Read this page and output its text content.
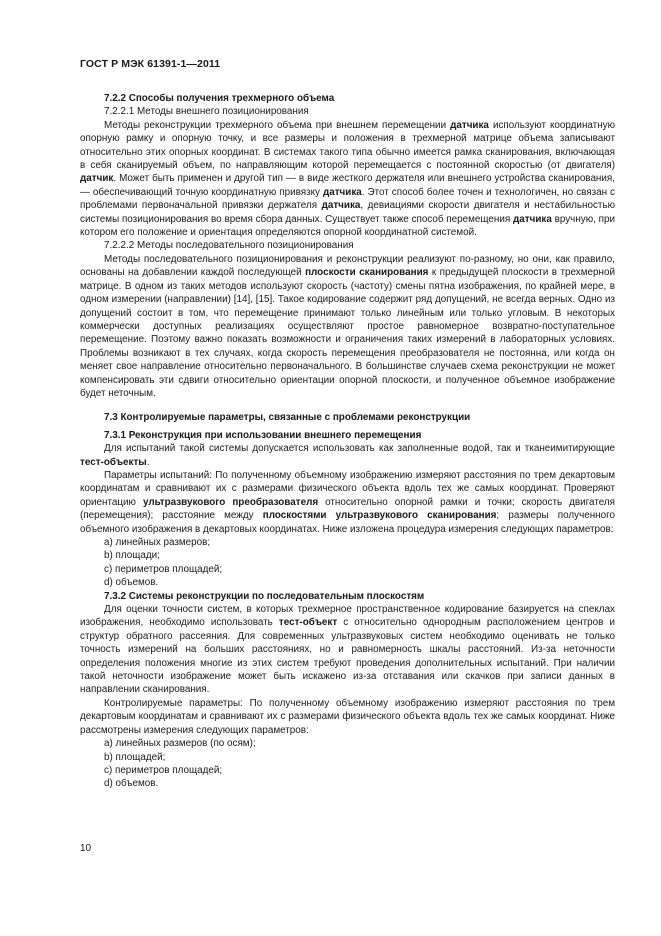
ГОСТ Р МЭК 61391-1—2011

7.2.2 Способы получения трехмерного объема

7.2.2.1 Методы внешнего позиционирования

Методы реконструкции трехмерного объема при внешнем перемещении датчика используют координатную опорную рамку и опорную точку, и все размеры и положения в трехмерной матрице объема записывают относительно этих опорных координат. В системах такого типа обычно имеется рамка сканирования, включающая в себя сканируемый объем, по направляющим которой перемещается с постоянной скоростью (от двигателя) датчик. Может быть применен и другой тип — в виде жесткого держателя или внешнего устройства сканирования, — обеспечивающий точную координатную привязку датчика. Этот способ более точен и технологичен, но связан с проблемами первоначальной привязки держателя датчика, девиациями скорости двигателя и нестабильностью системы позиционирования во время сбора данных. Существует также способ перемещения датчика вручную, при котором его положение и ориентация определяются опорной координатной системой.

7.2.2.2 Методы последовательного позиционирования

Методы последовательного позиционирования и реконструкции реализуют по-разному, но они, как правило, основаны на добавлении каждой последующей плоскости сканирования к предыдущей плоскости в трехмерной матрице. В одном из таких методов используют скорость (частоту) смены пятна изображения, по крайней мере, в одном измерении (направлении) [14], [15]. Такое кодирование содержит ряд допущений, не всегда верных. Одно из допущений состоит в том, что перемещение принимают только линейным или только угловым. В некоторых коммерчески доступных реализациях осуществляют простое равномерное возвратно-поступательное перемещение. Поэтому важно показать возможности и ограничения таких измерений в лабораторных условиях. Проблемы возникают в тех случаях, когда скорость перемещения преобразователя не постоянна, или когда он меняет свое направление относительно первоначального. В большинстве случаев схема реконструкции не может компенсировать эти сдвиги относительно ориентации опорной плоскости, и полученное объемное изображение будет неточным.

7.3 Контролируемые параметры, связанные с проблемами реконструкции

7.3.1 Реконструкция при использовании внешнего перемещения

Для испытаний такой системы допускается использовать как заполненные водой, так и тканеимитирующие тест-объекты.

Параметры испытаний: По полученному объемному изображению измеряют расстояния по трем декартовым координатам и сравнивают их с размерами физического объекта вдоль тех же самых координат. Проверяют ориентацию ультразвукового преобразователя относительно опорной рамки и точки; скорость двигателя (перемещения); расстояние между плоскостями ультразвукового сканирования; размеры полученного объемного изображения в декартовых координатах. Ниже изложена процедура измерения следующих параметров:

a) линейных размеров;

b) площади;

c) периметров площадей;

d) объемов.

7.3.2 Системы реконструкции по последовательным плоскостям

Для оценки точности систем, в которых трехмерное пространственное кодирование базируется на спеклах изображения, необходимо использовать тест-объект с относительно однородным расположением центров и структур обратного рассеяния. Для современных ультразвуковых систем необходимо оценивать не только точность измерений на больших расстояниях, но и равномерность шкалы расстояний. Из-за неточности определения положения многие из этих систем требуют проведения дополнительных испытаний. При наличии такой неточности изображение может быть искажено из-за отставания или скачков при записи данных в направлении сканирования.

Контролируемые параметры: По полученному объемному изображению измеряют расстояния по трем декартовым координатам и сравнивают их с размерами физического объекта вдоль тех же самых координат. Ниже рассмотрены измерения следующих параметров:

a) линейных размеров (по осям);

b) площадей;

c) периметров площадей;

d) объемов.

10
